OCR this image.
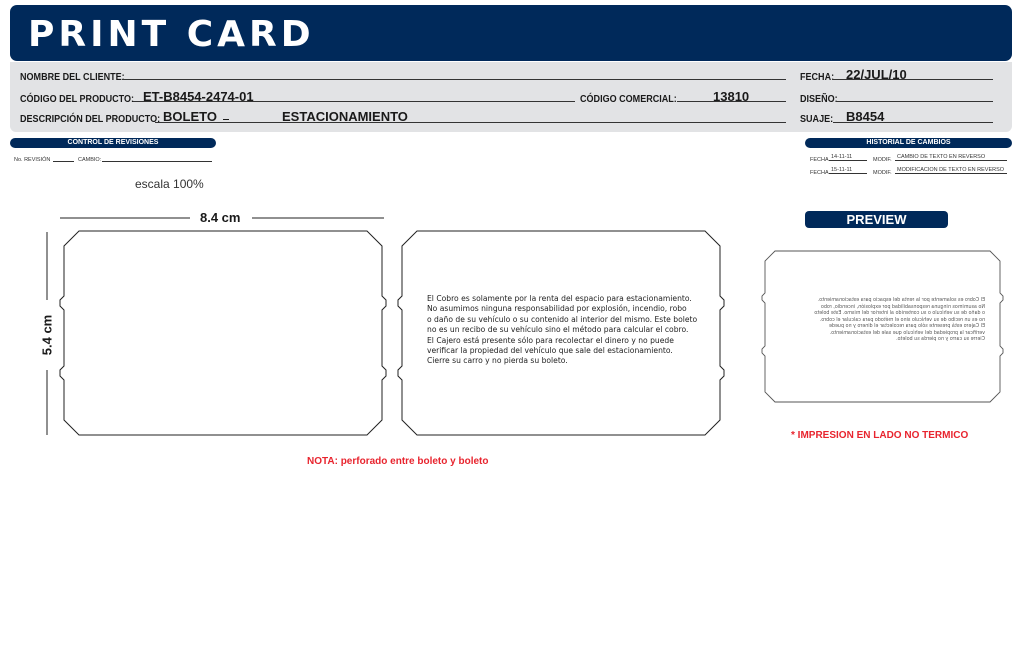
PRINT CARD
NOMBRE DEL CLIENTE:	FECHA: 22/JUL/10
CÓDIGO DEL PRODUCTO: ET-B8454-2474-01	CÓDIGO COMERCIAL:	13810	DISEÑO:
DESCRIPCIÓN DEL PRODUCTO: BOLETO	ESTACIONAMIENTO	SUAJE: B8454
CONTROL DE REVISIONES
No. REVISIÓN	CAMBIO:
HISTORIAL DE CAMBIOS
FECHA 14-11-11	MODIF. CAMBIO DE TEXTO EN REVERSO
FECHA 15-11-11	MODIF. MODIFICACION DE TEXTO EN REVERSO
escala 100%
8.4 cm
5.4 cm
El Cobro es solamente por la renta del espacio para estacionamiento.
No asumimos ninguna responsabilidad por explosión, incendio, robo
o daño de su vehículo o su contenido al interior del mismo. Este boleto
no es un recibo de su vehículo sino el método para calcular el cobro.
El Cajero está presente sólo para recolectar el dinero y no puede
verificar la propiedad del vehículo que sale del estacionamiento.
Cierre su carro y no pierda su boleto.
PREVIEW
El Cobro es solamente por la renta del espacio para estacionamiento.
No asumimos ninguna responsabilidad por explosión, incendio, robo
o daño de su vehículo o su contenido al interior del mismo. Este boleto
no es un recibo de su vehículo sino el método para calcular el cobro.
El Cajero está presente sólo para recolectar el dinero y no puede
verificar la propiedad del vehículo que sale del estacionamiento.
Cierre su carro y no pierda su boleto.
* IMPRESION EN LADO NO TERMICO
NOTA: perforado entre boleto y boleto
